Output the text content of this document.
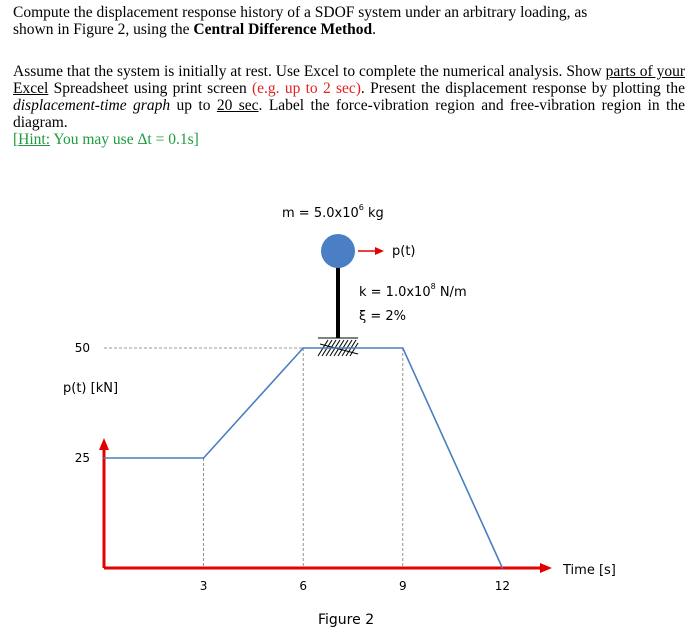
Compute the displacement response history of a SDOF system under an arbitrary loading, as
shown in Figure 2, using the Central Difference Method.
Assume that the system is initially at rest. Use Excel to complete the numerical analysis. Show parts of your Excel Spreadsheet using print screen (e.g. up to 2 sec). Present the displacement response by plotting the displacement-time graph up to 20 sec. Label the force-vibration region and free-vibration region in the diagram.
[Hint: You may use Δt = 0.1s]
$m = 5.0x10^6$ kg
p(t)
$k = 1.0x10^8$ N/m
ξ = 2%
p(t) [kN]
Time [s]
Figure 2
3	6	9	12
25
50
